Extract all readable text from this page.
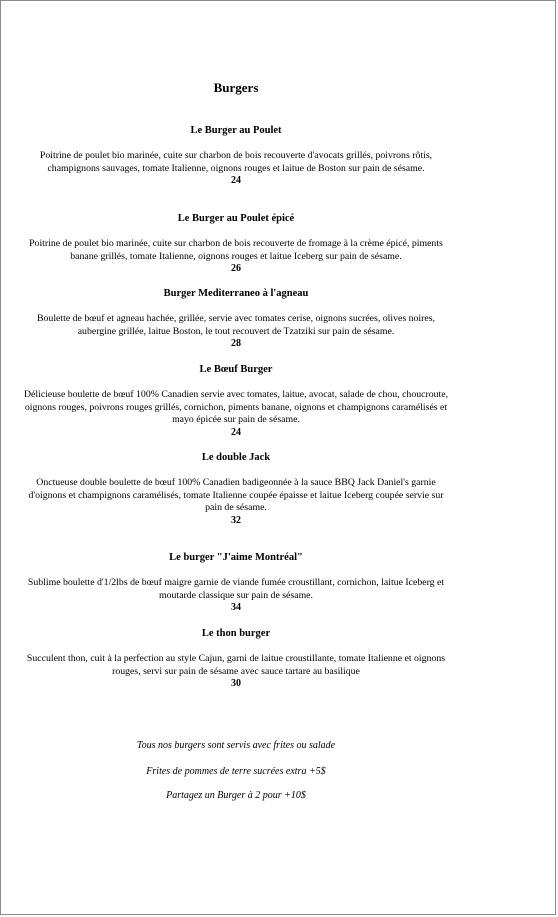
Burgers
Le Burger au Poulet
Poitrine de poulet bio marinée, cuite sur charbon de bois recouverte d'avocats grillés, poivrons rôtis, champignons sauvages, tomate Italienne, oignons rouges et laitue de Boston sur pain de sésame.
24
Le Burger au Poulet épicé
Poitrine de poulet bio marinée, cuite sur charbon de bois recouverte de fromage à la crème épicé, piments banane grillés, tomate Italienne, oignons rouges et laitue Iceberg sur pain de sésame.
26
Burger Mediterraneo à l'agneau
Boulette de bœuf et agneau hachée, grillée, servie avec tomates cerise, oignons sucrées, olives noires, aubergine grillée, laitue Boston, le tout recouvert de Tzatziki sur pain de sésame.
28
Le Bœuf Burger
Délicieuse boulette de bœuf 100% Canadien servie avec tomates, laitue, avocat, salade de chou, choucroute, oignons rouges, poivrons rouges grillés, cornichon, piments banane, oignons et champignons caramélisés et mayo épicée sur pain de sésame.
24
Le double Jack
Onctueuse double boulette de bœuf 100% Canadien badigeonnée à la sauce BBQ Jack Daniel's garnie d'oignons et champignons caramélisés, tomate Italienne coupée épaisse et laitue Iceberg coupée servie sur pain de sésame.
32
Le burger "J'aime Montréal"
Sublime boulette d'1/2lbs de bœuf maigre garnie de viande fumée croustillant, cornichon, laitue Iceberg et moutarde classique sur pain de sésame.
34
Le thon burger
Succulent thon, cuit à la perfection au style Cajun, garni de laitue croustillante, tomate Italienne et oignons rouges, servi sur pain de sésame avec sauce tartare au basilique
30
Tous nos burgers sont servis avec frites ou salade
Frites de pommes de terre sucrées extra +5$
Partagez un Burger à 2 pour +10$
